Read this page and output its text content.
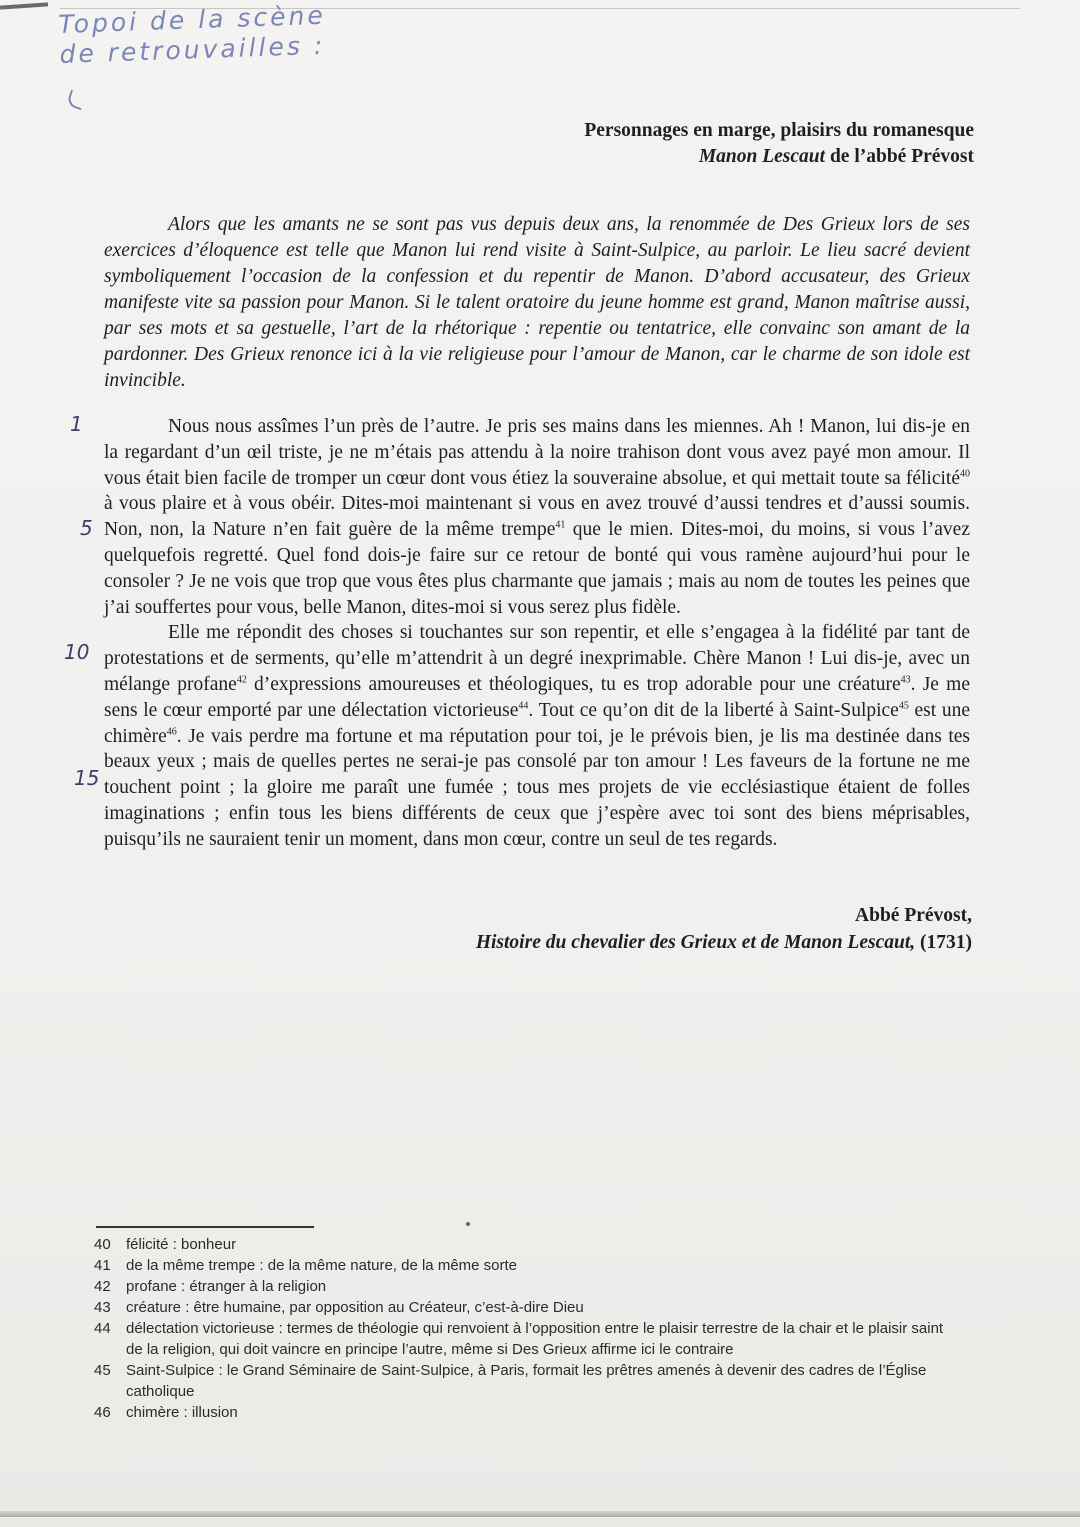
Topoi de la scène
de retrouvailles :
Personnages en marge, plaisirs du romanesque
Manon Lescaut de l’abbé Prévost
Alors que les amants ne se sont pas vus depuis deux ans, la renommée de Des Grieux lors de ses exercices d’éloquence est telle que Manon lui rend visite à Saint-Sulpice, au parloir. Le lieu sacré devient symboliquement l’occasion de la confession et du repentir de Manon. D’abord accusateur, des Grieux manifeste vite sa passion pour Manon. Si le talent oratoire du jeune homme est grand, Manon maîtrise aussi, par ses mots et sa gestuelle, l’art de la rhétorique : repentie ou tentatrice, elle convainc son amant de la pardonner. Des Grieux renonce ici à la vie religieuse pour l’amour de Manon, car le charme de son idole est invincible.
1
5
10
15

Nous nous assîmes l’un près de l’autre. Je pris ses mains dans les miennes. Ah ! Manon, lui dis-je en la regardant d’un œil triste, je ne m’étais pas attendu à la noire trahison dont vous avez payé mon amour. Il vous était bien facile de tromper un cœur dont vous étiez la souveraine absolue, et qui mettait toute sa félicité$^{40}$ à vous plaire et à vous obéir. Dites-moi maintenant si vous en avez trouvé d’aussi tendres et d’aussi soumis. Non, non, la Nature n’en fait guère de la même trempe$^{41}$ que le mien. Dites-moi, du moins, si vous l’avez quelquefois regretté. Quel fond dois-je faire sur ce retour de bonté qui vous ramène aujourd’hui pour le consoler ? Je ne vois que trop que vous êtes plus charmante que jamais ; mais au nom de toutes les peines que j’ai souffertes pour vous, belle Manon, dites-moi si vous serez plus fidèle.

Elle me répondit des choses si touchantes sur son repentir, et elle s’engagea à la fidélité par tant de protestations et de serments, qu’elle m’attendrit à un degré inexprimable. Chère Manon ! Lui dis-je, avec un mélange profane$^{42}$ d’expressions amoureuses et théologiques, tu es trop adorable pour une créature$^{43}$. Je me sens le cœur emporté par une délectation victorieuse$^{44}$. Tout ce qu’on dit de la liberté à Saint-Sulpice$^{45}$ est une chimère$^{46}$. Je vais perdre ma fortune et ma réputation pour toi, je le prévois bien, je lis ma destinée dans tes beaux yeux ; mais de quelles pertes ne serai-je pas consolé par ton amour ! Les faveurs de la fortune ne me touchent point ; la gloire me paraît une fumée ; tous mes projets de vie ecclésiastique étaient de folles imaginations ; enfin tous les biens différents de ceux que j’espère avec toi sont des biens méprisables, puisqu’ils ne sauraient tenir un moment, dans mon cœur, contre un seul de tes regards.

Abbé Prévost,
Histoire du chevalier des Grieux et de Manon Lescaut, (1731)
40	félicité : bonheur
41	de la même trempe : de la même nature, de la même sorte
42	profane : étranger à la religion
43	créature : être humaine, par opposition au Créateur, c’est-à-dire Dieu
44	délectation victorieuse : termes de théologie qui renvoient à l’opposition entre le plaisir terrestre de la chair et le plaisir saint de la religion, qui doit vaincre en principe l’autre, même si Des Grieux affirme ici le contraire
45	Saint-Sulpice : le Grand Séminaire de Saint-Sulpice, à Paris, formait les prêtres amenés à devenir des cadres de l’Église catholique
46	chimère : illusion
